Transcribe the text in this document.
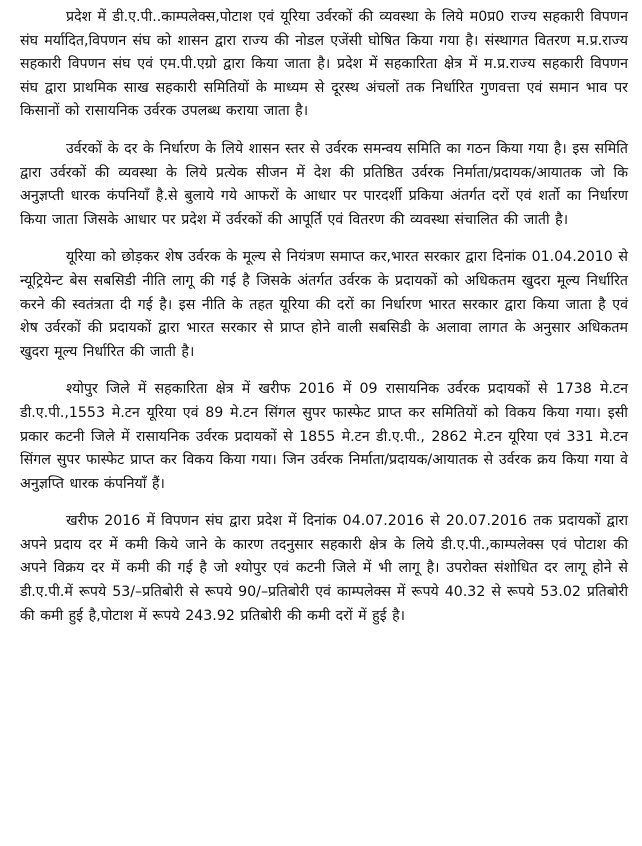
प्रदेश में डी.ए.पी..काम्पलेक्स,पोटाश एवं यूरिया उर्वरकों की व्यवस्था के लिये म0प्र0 राज्य सहकारी विपणन संघ मर्यादित,विपणन संघ को शासन द्वारा राज्य की नोडल एजेंसी घोषित किया गया है। संस्थागत वितरण म.प्र.राज्य सहकारी विपणन संघ एवं एम.पी.एग्रो द्वारा किया जाता है। प्रदेश में सहकारिता क्षेत्र में म.प्र.राज्य सहकारी विपणन संघ द्वारा प्राथमिक साख सहकारी समितियों के माध्यम से दूरस्थ अंचलों तक निर्धारित गुणवत्ता एवं समान भाव पर किसानों को रासायनिक उर्वरक उपलब्ध कराया जाता है।

उर्वरकों के दर के निर्धारण के लिये शासन स्तर से उर्वरक समन्वय समिति का गठन किया गया है। इस समिति द्वारा उर्वरकों की व्यवस्था के लिये प्रत्येक सीजन में देश की प्रतिष्ठित उर्वरक निर्माता/प्रदायक/आयातक जो कि अनुज्ञप्ती धारक कंपनियाँ है.से बुलाये गये आफरों के आधार पर पारदर्शी प्रकिया अंतर्गत दरों एवं शर्तो का निर्धारण किया जाता जिसके आधार पर प्रदेश में उर्वरकों की आपूर्ति एवं वितरण की व्यवस्था संचालित की जाती है।

यूरिया को छोड़कर शेष उर्वरक के मूल्य से नियंत्रण समाप्त कर,भारत सरकार द्वारा दिनांक 01.04.2010 से न्यूट्रियेन्ट बेस सबसिडी नीति लागू की गई है जिसके अंतर्गत उर्वरक के प्रदायकों को अधिकतम खुदरा मूल्य निर्धारित करने की स्वतंत्रता दी गई है। इस नीति के तहत यूरिया की दरों का निर्धारण भारत सरकार द्वारा किया जाता है एवं शेष उर्वरकों की प्रदायकों द्वारा भारत सरकार से प्राप्त होने वाली सबसिडी के अलावा लागत के अनुसार अधिकतम खुदरा मूल्य निर्धारित की जाती है।

श्योपुर जिले में सहकारिता क्षेत्र में खरीफ 2016 में 09 रासायनिक उर्वरक प्रदायकों से 1738 मे.टन डी.ए.पी.,1553 मे.टन यूरिया एवं 89 मे.टन सिंगल सुपर फास्फेट प्राप्त कर समितियों को विकय किया गया। इसी प्रकार कटनी जिले में रासायनिक उर्वरक प्रदायकों से 1855 मे.टन डी.ए.पी., 2862 मे.टन यूरिया एवं 331 मे.टन सिंगल सुपर फास्फेट प्राप्त कर विकय किया गया। जिन उर्वरक निर्माता/प्रदायक/आयातक से उर्वरक क्रय किया गया वे अनुज्ञप्ति धारक कंपनियाँ हैं।

खरीफ 2016 में विपणन संघ द्वारा प्रदेश में दिनांक 04.07.2016 से 20.07.2016 तक प्रदायकों द्वारा अपने प्रदाय दर में कमी किये जाने के कारण तदनुसार सहकारी क्षेत्र के लिये डी.ए.पी.,काम्पलेक्स एवं पोटाश की अपने विक्रय दर में कमी की गई है जो श्योपुर एवं कटनी जिले में भी लागू है। उपरोक्त संशोधित दर लागू होने से डी.ए.पी.में रूपये 53/–प्रतिबोरी से रूपये 90/–प्रतिबोरी एवं काम्पलेक्स में रूपये 40.32 से रूपये 53.02 प्रतिबोरी की कमी हुई है,पोटाश में रूपये 243.92 प्रतिबोरी की कमी दरों में हुई है।
